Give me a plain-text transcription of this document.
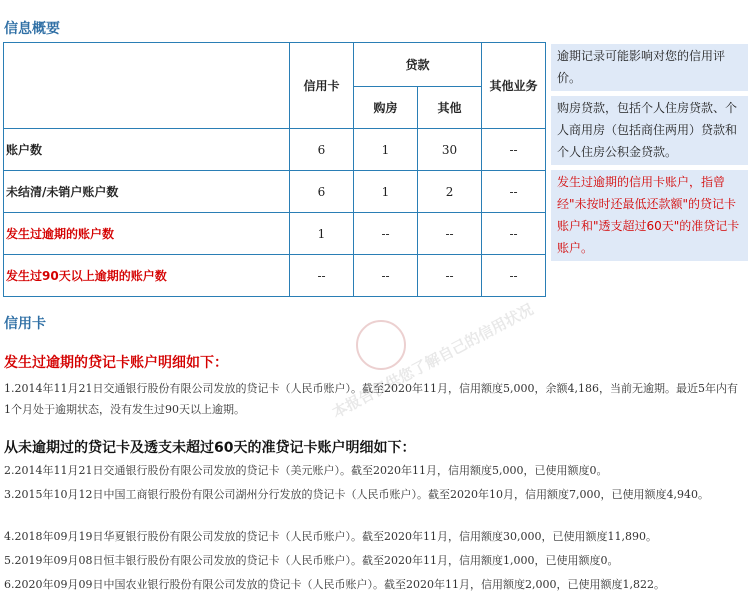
信息概要
	信用卡	贷款		其他业务
		购房	其他	
账户数	6	1	30	--
未结清/未销户账户数	6	1	2	--
发生过逾期的账户数	1	--	--	--
发生过90天以上逾期的账户数	--	--	--	--
逾期记录可能影响对您的信用评价。
购房贷款，包括个人住房贷款、个人商用房（包括商住两用）贷款和个人住房公积金贷款。
发生过逾期的信用卡账户，指曾经"未按时还最低还款额"的贷记卡账户和"透支超过60天"的准贷记卡账户。
信用卡	本报告仅供您了解自己的信用状况
发生过逾期的贷记卡账户明细如下：
1.2014年11月21日交通银行股份有限公司发放的贷记卡（人民币账户）。截至2020年11月，信用额度5,000，余额4,186，当前无逾期。最近5年内有1个月处于逾期状态，没有发生过90天以上逾期。
从未逾期过的贷记卡及透支未超过60天的准贷记卡账户明细如下：
2.2014年11月21日交通银行股份有限公司发放的贷记卡（美元账户）。截至2020年11月，信用额度5,000，已使用额度0。
3.2015年10月12日中国工商银行股份有限公司湖州分行发放的贷记卡（人民币账户）。截至2020年10月，信用额度7,000，已使用额度4,940。
4.2018年09月19日华夏银行股份有限公司发放的贷记卡（人民币账户）。截至2020年11月，信用额度30,000，已使用额度11,890。
5.2019年09月08日恒丰银行股份有限公司发放的贷记卡（人民币账户）。截至2020年11月，信用额度1,000，已使用额度0。
6.2020年09月09日中国农业银行股份有限公司发放的贷记卡（人民币账户）。截至2020年11月，信用额度2,000，已使用额度1,822。
